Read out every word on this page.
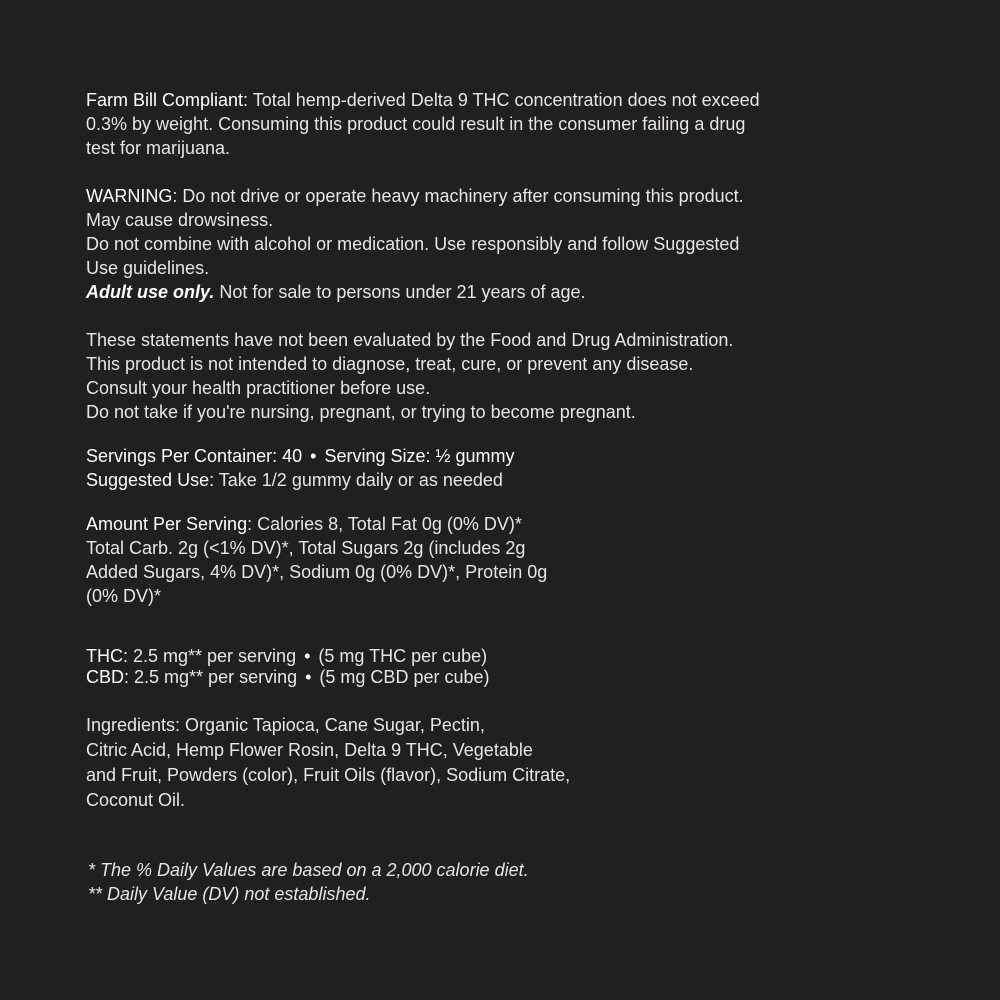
Farm Bill Compliant: Total hemp-derived Delta 9 THC concentration does not exceed
0.3% by weight. Consuming this product could result in the consumer failing a drug
test for marijuana.
WARNING: Do not drive or operate heavy machinery after consuming this product.
May cause drowsiness.
Do not combine with alcohol or medication. Use responsibly and follow Suggested
Use guidelines.
Adult use only. Not for sale to persons under 21 years of age.
These statements have not been evaluated by the Food and Drug Administration.
This product is not intended to diagnose, treat, cure, or prevent any disease.
Consult your health practitioner before use.
Do not take if you're nursing, pregnant, or trying to become pregnant.
Servings Per Container: 40 • Serving Size: ½ gummy
Suggested Use: Take 1/2 gummy daily or as needed
Amount Per Serving: Calories 8, Total Fat 0g (0% DV)*
Total Carb. 2g (<1% DV)*, Total Sugars 2g (includes 2g
Added Sugars, 4% DV)*, Sodium 0g (0% DV)*, Protein 0g
(0% DV)*
THC: 2.5 mg** per serving • (5 mg THC per cube)
CBD: 2.5 mg** per serving • (5 mg CBD per cube)
Ingredients: Organic Tapioca, Cane Sugar, Pectin,
Citric Acid, Hemp Flower Rosin, Delta 9 THC, Vegetable
and Fruit, Powders (color), Fruit Oils (flavor), Sodium Citrate,
Coconut Oil.
* The % Daily Values are based on a 2,000 calorie diet.
** Daily Value (DV) not established.
